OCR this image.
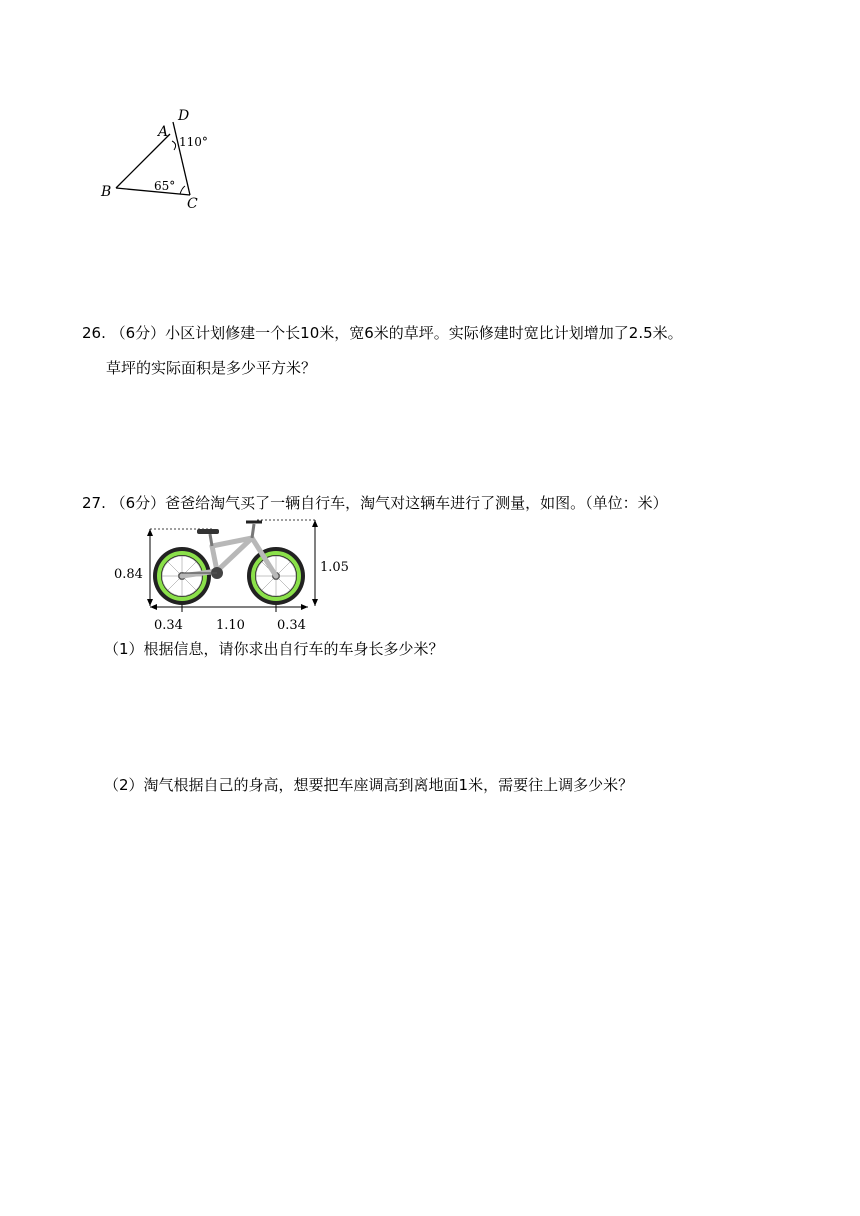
A
D
B
C
110°
65°
26. （6分）小区计划修建一个长10米，宽6米的草坪。实际修建时宽比计划增加了2.5米。
草坪的实际面积是多少平方米？
27. （6分）爸爸给淘气买了一辆自行车，淘气对这辆车进行了测量，如图。（单位：米）
0.84	1.05
0.34	1.10 0.34
（1）根据信息，请你求出自行车的车身长多少米？
（2）淘气根据自己的身高，想要把车座调高到离地面1米，需要往上调多少米？
